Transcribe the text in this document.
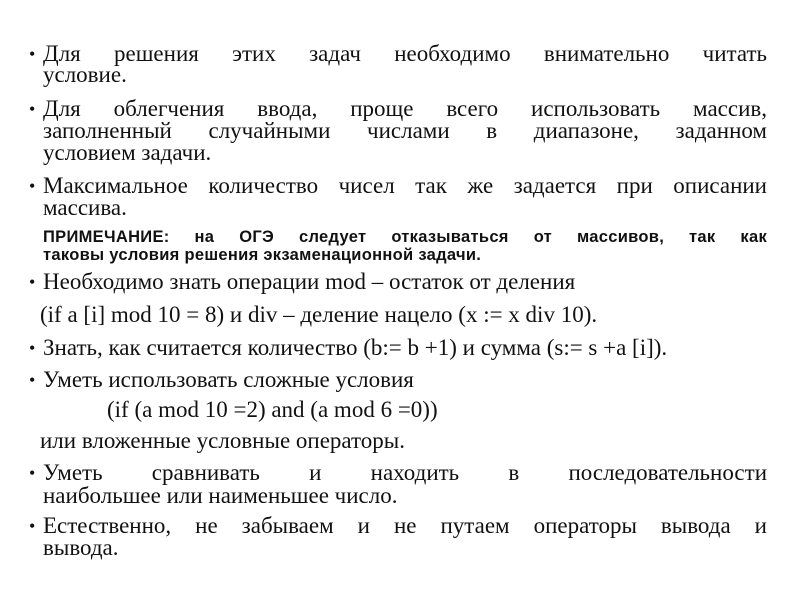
• Для решения этих задач необходимо внимательно читать
условие.
• Для облегчения ввода, проще всего использовать массив,
заполненный случайными числами в диапазоне, заданном
условием задачи.
• Максимальное количество чисел так же задается при описании
массива.
ПРИМЕЧАНИЕ: на ОГЭ следует отказываться от массивов, так как
таковы условия решения экзаменационной задачи.
• Необходимо знать операции mod – остаток от деления
(if a [i] mod 10 = 8) и div – деление нацело (x := x div 10).
• Знать, как считается количество (b:= b +1) и сумма (s:= s +a [i]).
• Уметь использовать сложные условия
(if (a mod 10 =2) and (a mod 6 =0))
или вложенные условные операторы.
• Уметь сравнивать и находить в последовательности
наибольшее или наименьшее число.
• Естественно, не забываем и не путаем операторы вывода и
вывода.
